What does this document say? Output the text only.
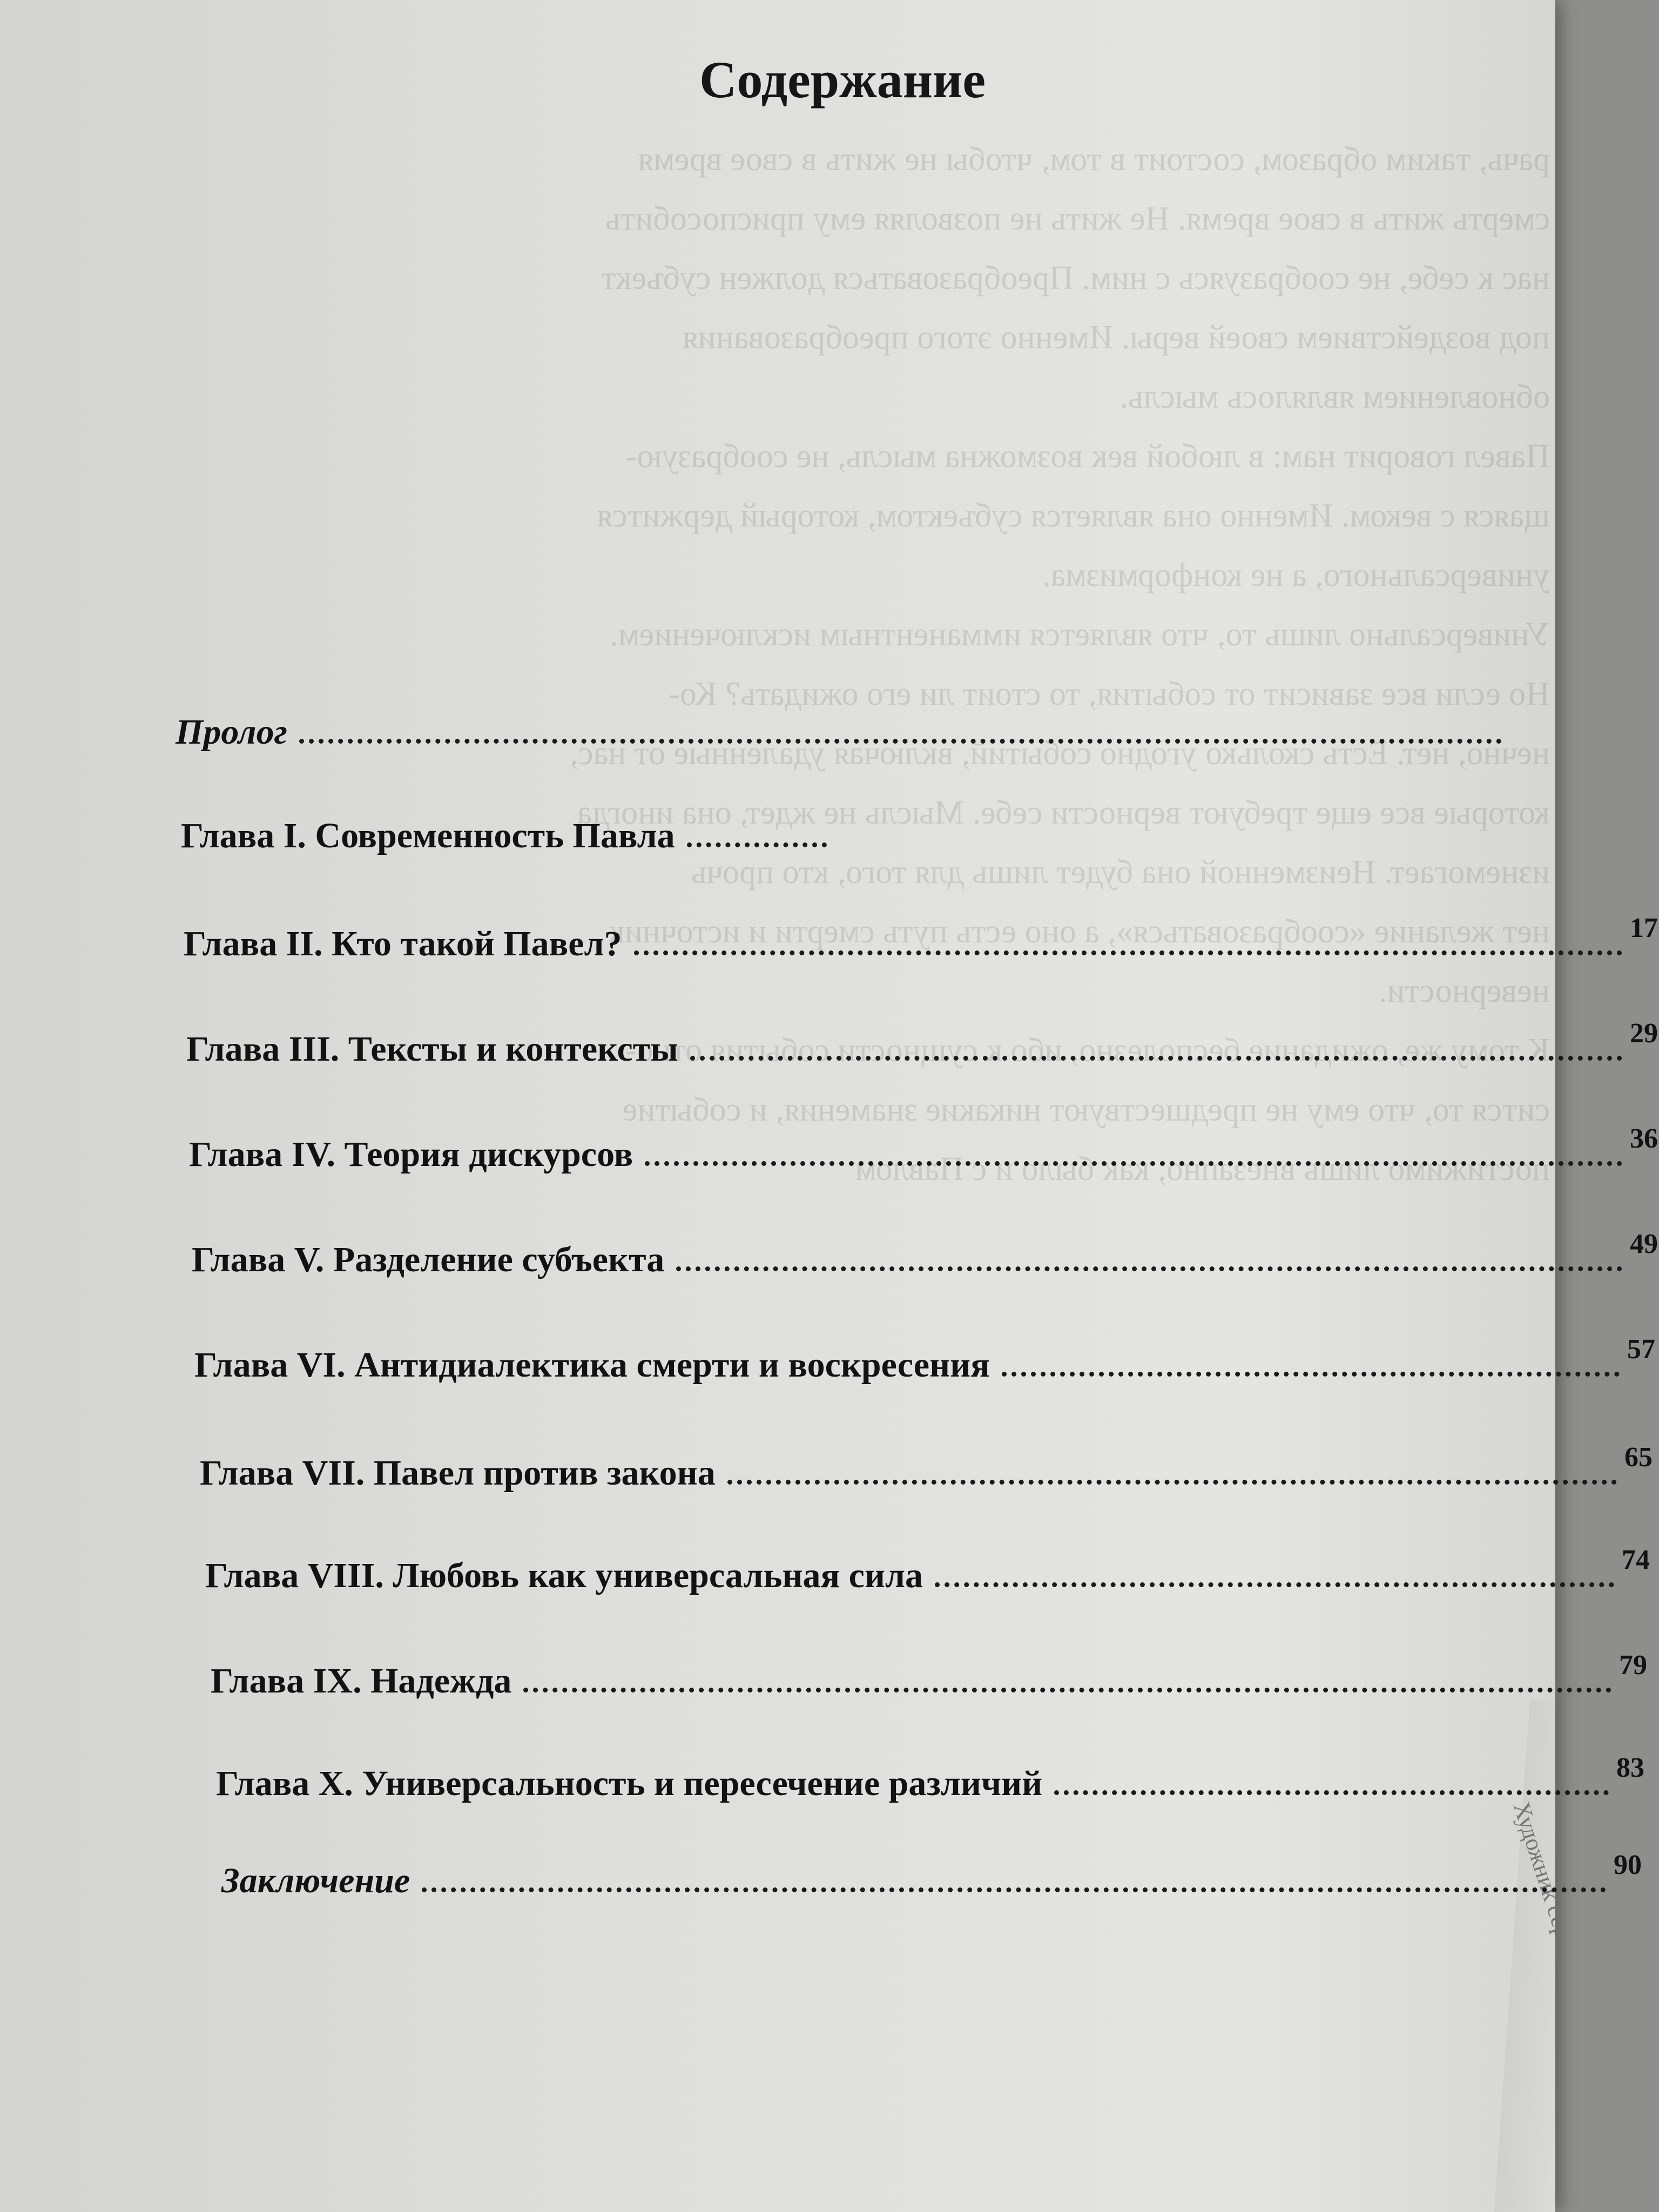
рачь, таким образом, состоит в том, чтобы не жить в свое время
смерть жить в свое время. Не жить не позволяя ему приспособить
нас к себе, не сообразуясь с ним. Преобразоваться должен субъект
под воздействием своей веры. Именно этого преобразования
обновлением являлось мысль.
Павел говорит нам: в любой век возможна мысль, не сообразую-
щаяся с веком. Именно она является субъектом, который держится
универсального, а не конформизма.
Универсально лишь то, что является имманентным исключением.
Но если все зависит от события, то стоит ли его ожидать? Ко-
нечно, нет. Есть сколько угодно событий, включая удаленные от нас,
которые все еще требуют верности себе. Мысль не ждет, она иногда
изнемогает. Неизменной она будет лишь для того, кто прочь
нет желание «сообразоваться», а оно есть путь смерти и источник
неверности.
К тому же, ожидание бесполезно, ибо к сущности события отно-
сится то, что ему не предшествуют никакие знамения, и событие
постижимо лишь внезапно, как было и с Павлом

Содержание
Пролог
Глава I. Современность Павла
Глава II. Кто такой Павел?	17
Глава III. Тексты и контексты	29
Глава IV. Теория дискурсов	36
Глава V. Разделение субъекта	49
Глава VI. Антидиалектика смерти и воскресения	57
Глава VII. Павел против закона	65
Глава VIII. Любовь как универсальная сила	74
Глава IX. Надежда	79
Глава X. Универсальность и пересечение различий	83
Заключение	90
